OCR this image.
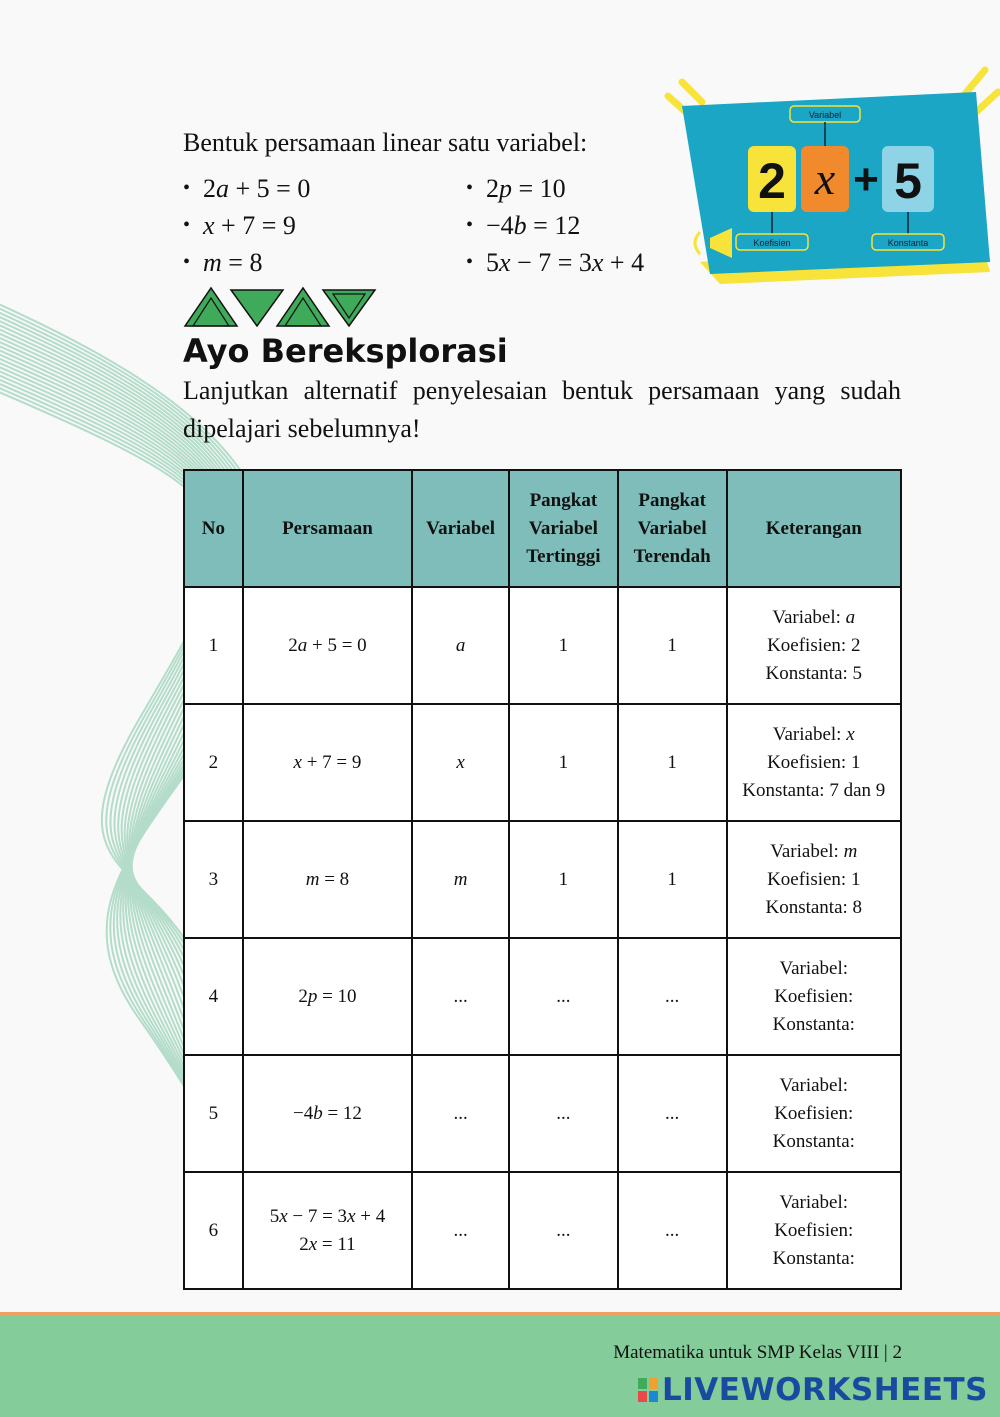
Bentuk persamaan linear satu variabel:
• 2a + 5 = 0
• x + 7 = 9
• m = 8
• 2p = 10
• −4b = 12
• 5x − 7 = 3x + 4
Variabel
2 x + 5
Koefisien	Konstanta
Ayo Bereksplorasi
Lanjutkan alternatif penyelesaian bentuk persamaan yang sudah dipelajari sebelumnya!
No	Persamaan	Variabel	Pangkat
Variabel
Tertinggi	Pangkat
Variabel
Terendah	Keterangan
1	2a + 5 = 0	a	1	1	Variabel: a
Koefisien: 2
Konstanta: 5
2	x + 7 = 9	x	1	1	Variabel: x
Koefisien: 1
Konstanta: 7 dan 9
3	m = 8	m	1	1	Variabel: m
Koefisien: 1
Konstanta: 8
4	2p = 10	...	...	...	Variabel:
Koefisien:
Konstanta:
5	−4b = 12	...	...	...	Variabel:
Koefisien:
Konstanta:
6	5x − 7 = 3x + 4
2x = 11	...	...	...	Variabel:
Koefisien:
Konstanta:
Matematika untuk SMP Kelas VIII | 2
LIVEWORKSHEETS
